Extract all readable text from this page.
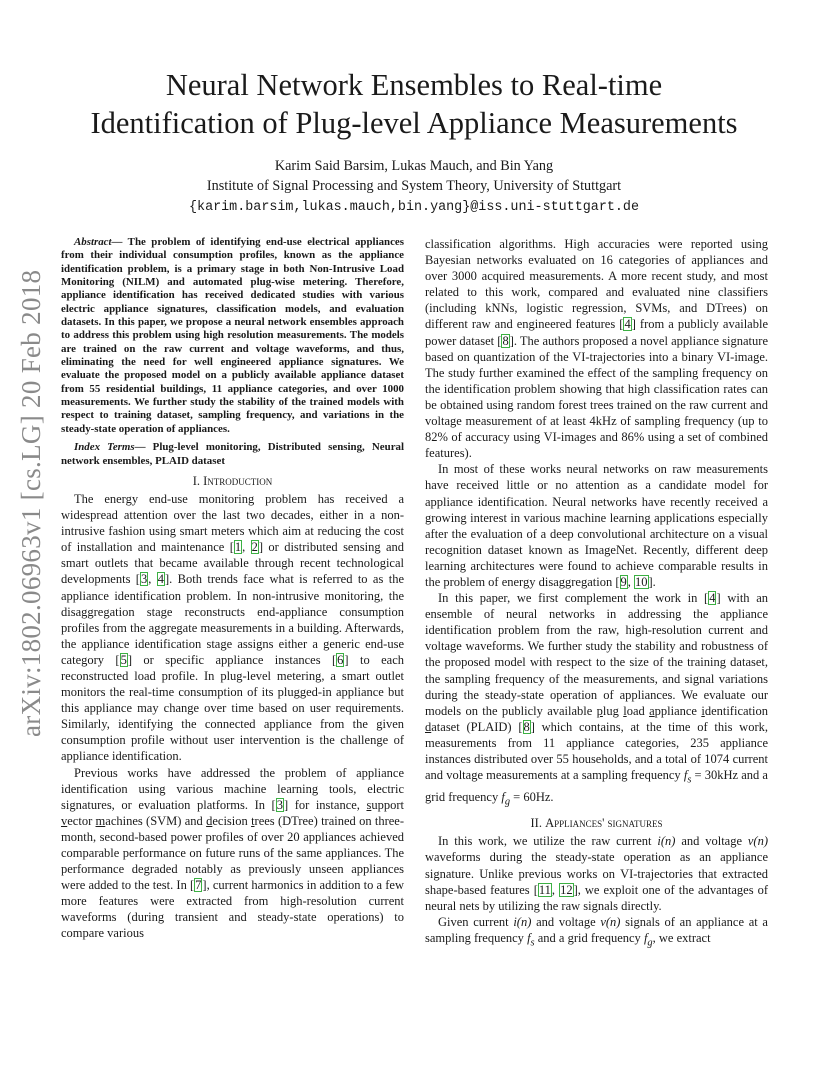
Neural Network Ensembles to Real-time
Identification of Plug-level Appliance Measurements
Karim Said Barsim, Lukas Mauch, and Bin Yang
Institute of Signal Processing and System Theory, University of Stuttgart
{karim.barsim,lukas.mauch,bin.yang}@iss.uni-stuttgart.de
arXiv:1802.06963v1 [cs.LG] 20 Feb 2018

Abstract— The problem of identifying end-use electrical appliances from their individual consumption profiles, known as the appliance identification problem, is a primary stage in both Non-Intrusive Load Monitoring (NILM) and automated plug-wise metering. Therefore, appliance identification has received dedicated studies with various electric appliance signatures, classification models, and evaluation datasets. In this paper, we propose a neural network ensembles approach to address this problem using high resolution measurements. The models are trained on the raw current and voltage waveforms, and thus, eliminating the need for well engineered appliance signatures. We evaluate the proposed model on a publicly available appliance dataset from 55 residential buildings, 11 appliance categories, and over 1000 measurements. We further study the stability of the trained models with respect to training dataset, sampling frequency, and variations in the steady-state operation of appliances.

Index Terms— Plug-level monitoring, Distributed sensing, Neural network ensembles, PLAID dataset

I. Introduction

The energy end-use monitoring problem has received a widespread attention over the last two decades, either in a non-intrusive fashion using smart meters which aim at reducing the cost of installation and maintenance [1, 2] or distributed sensing and smart outlets that became available through recent technological developments [3, 4]. Both trends face what is referred to as the appliance identification problem. In non-intrusive monitoring, the disaggregation stage reconstructs end-appliance consumption profiles from the aggregate measurements in a building. Afterwards, the appliance identification stage assigns either a generic end-use category [5] or specific appliance instances [6] to each reconstructed load profile. In plug-level metering, a smart outlet monitors the real-time consumption of its plugged-in appliance but this appliance may change over time based on user requirements. Similarly, identifying the connected appliance from the given consumption profile without user intervention is the challenge of appliance identification.

Previous works have addressed the problem of appliance identification using various machine learning tools, electric signatures, or evaluation platforms. In [3] for instance, support vector machines (SVM) and decision trees (DTree) trained on three-month, second-based power profiles of over 20 appliances achieved comparable performance on future runs of the same appliances. The performance degraded notably as previously unseen appliances were added to the test. In [7], current harmonics in addition to a few more features were extracted from high-resolution current waveforms (during transient and steady-state operations) to compare various

classification algorithms. High accuracies were reported using Bayesian networks evaluated on 16 categories of appliances and over 3000 acquired measurements. A more recent study, and most related to this work, compared and evaluated nine classifiers (including kNNs, logistic regression, SVMs, and DTrees) on different raw and engineered features [4] from a publicly available power dataset [8]. The authors proposed a novel appliance signature based on quantization of the VI-trajectories into a binary VI-image. The study further examined the effect of the sampling frequency on the identification problem showing that high classification rates can be obtained using random forest trees trained on the raw current and voltage measurement of at least 4kHz of sampling frequency (up to 82% of accuracy using VI-images and 86% using a set of combined features).

In most of these works neural networks on raw measurements have received little or no attention as a candidate model for appliance identification. Neural networks have recently received a growing interest in various machine learning applications especially after the evaluation of a deep convolutional architecture on a visual recognition dataset known as ImageNet. Recently, different deep learning architectures were found to achieve comparable results in the problem of energy disaggregation [9, 10].

In this paper, we first complement the work in [4] with an ensemble of neural networks in addressing the appliance identification problem from the raw, high-resolution current and voltage waveforms. We further study the stability and robustness of the proposed model with respect to the size of the training dataset, the sampling frequency of the measurements, and signal variations during the steady-state operation of appliances. We evaluate our models on the publicly available plug load appliance identification dataset (PLAID) [8] which contains, at the time of this work, measurements from 11 appliance categories, 235 appliance instances distributed over 55 households, and a total of 1074 current and voltage measurements at a sampling frequency $f_s = 30kHz$ and a grid frequency $f_g = 60Hz$.

II. Appliances' signatures

In this work, we utilize the raw current i(n) and voltage v(n) waveforms during the steady-state operation as an appliance signature. Unlike previous works on VI-trajectories that extracted shape-based features [11, 12], we exploit one of the advantages of neural nets by utilizing the raw signals directly.

Given current i(n) and voltage v(n) signals of an appliance at a sampling frequency $f_s$ and a grid frequency $f_g$, we extract
